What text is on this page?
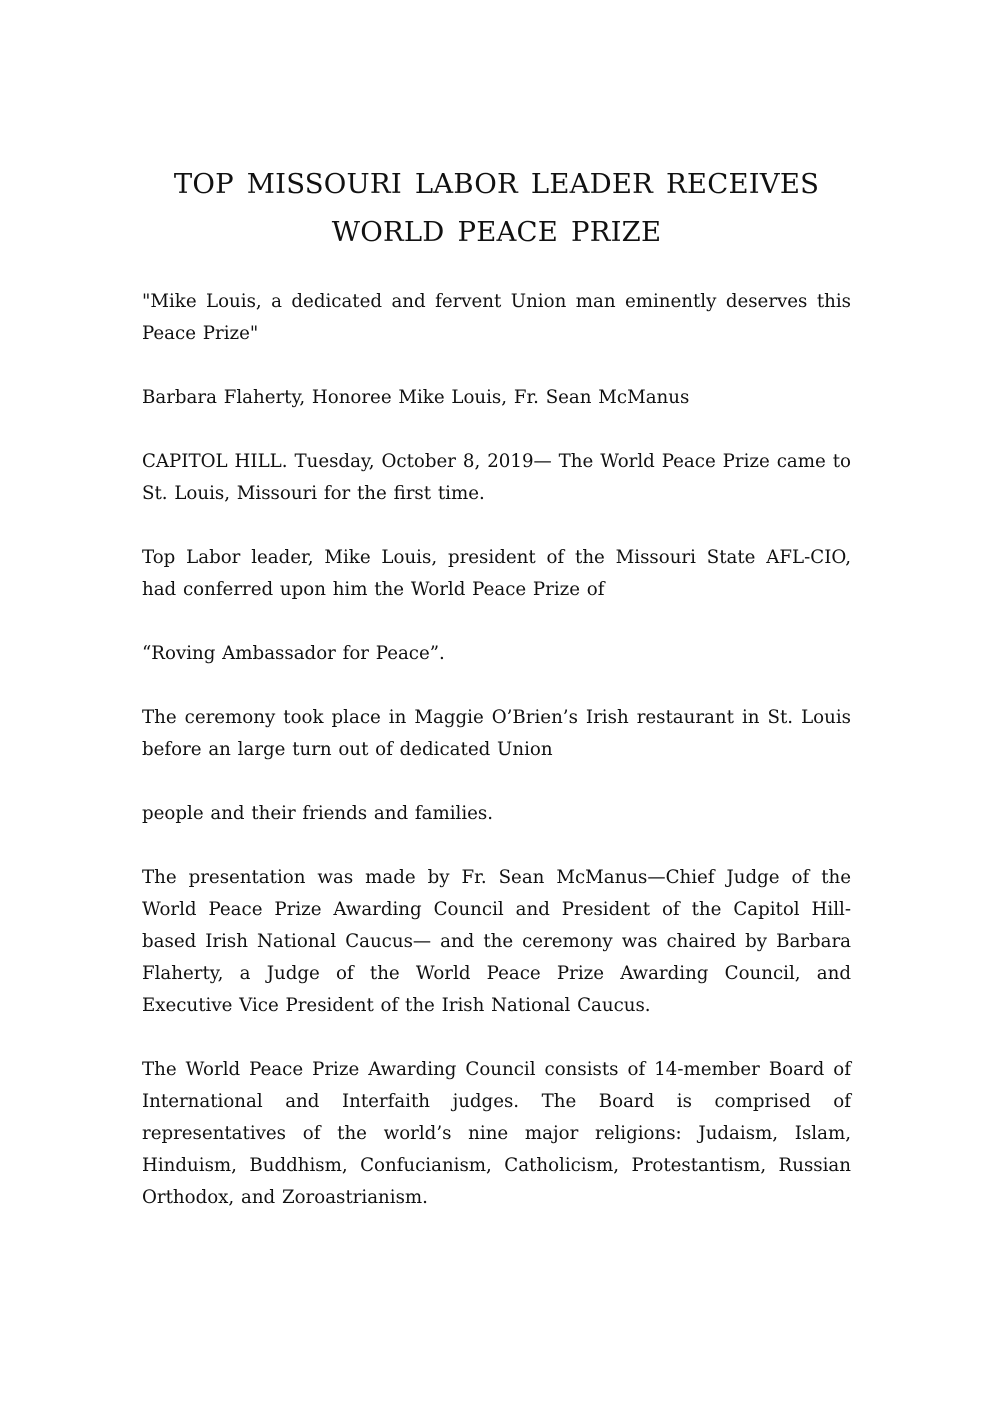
TOP MISSOURI LABOR LEADER RECEIVES
WORLD PEACE PRIZE

"Mike Louis, a dedicated and fervent Union man eminently deserves this Peace Prize"

Barbara Flaherty, Honoree Mike Louis, Fr. Sean McManus

CAPITOL HILL. Tuesday, October 8, 2019— The World Peace Prize came to St. Louis, Missouri for the first time.

Top Labor leader, Mike Louis, president of the Missouri State AFL-CIO, had conferred upon him the World Peace Prize of

“Roving Ambassador for Peace”.

The ceremony took place in Maggie O’Brien’s Irish restaurant in St. Louis before an large turn out of dedicated Union

people and their friends and families.

The presentation was made by Fr. Sean McManus—Chief Judge of the World Peace Prize Awarding Council and President of the Capitol Hill-based Irish National Caucus— and the ceremony was chaired by Barbara Flaherty, a Judge of the World Peace Prize Awarding Council, and Executive Vice President of the Irish National Caucus.

The World Peace Prize Awarding Council consists of 14-member Board of International and Interfaith judges. The Board is comprised of representatives of the world’s nine major religions: Judaism, Islam, Hinduism, Buddhism, Confucianism, Catholicism, Protestantism, Russian Orthodox, and Zoroastrianism.
